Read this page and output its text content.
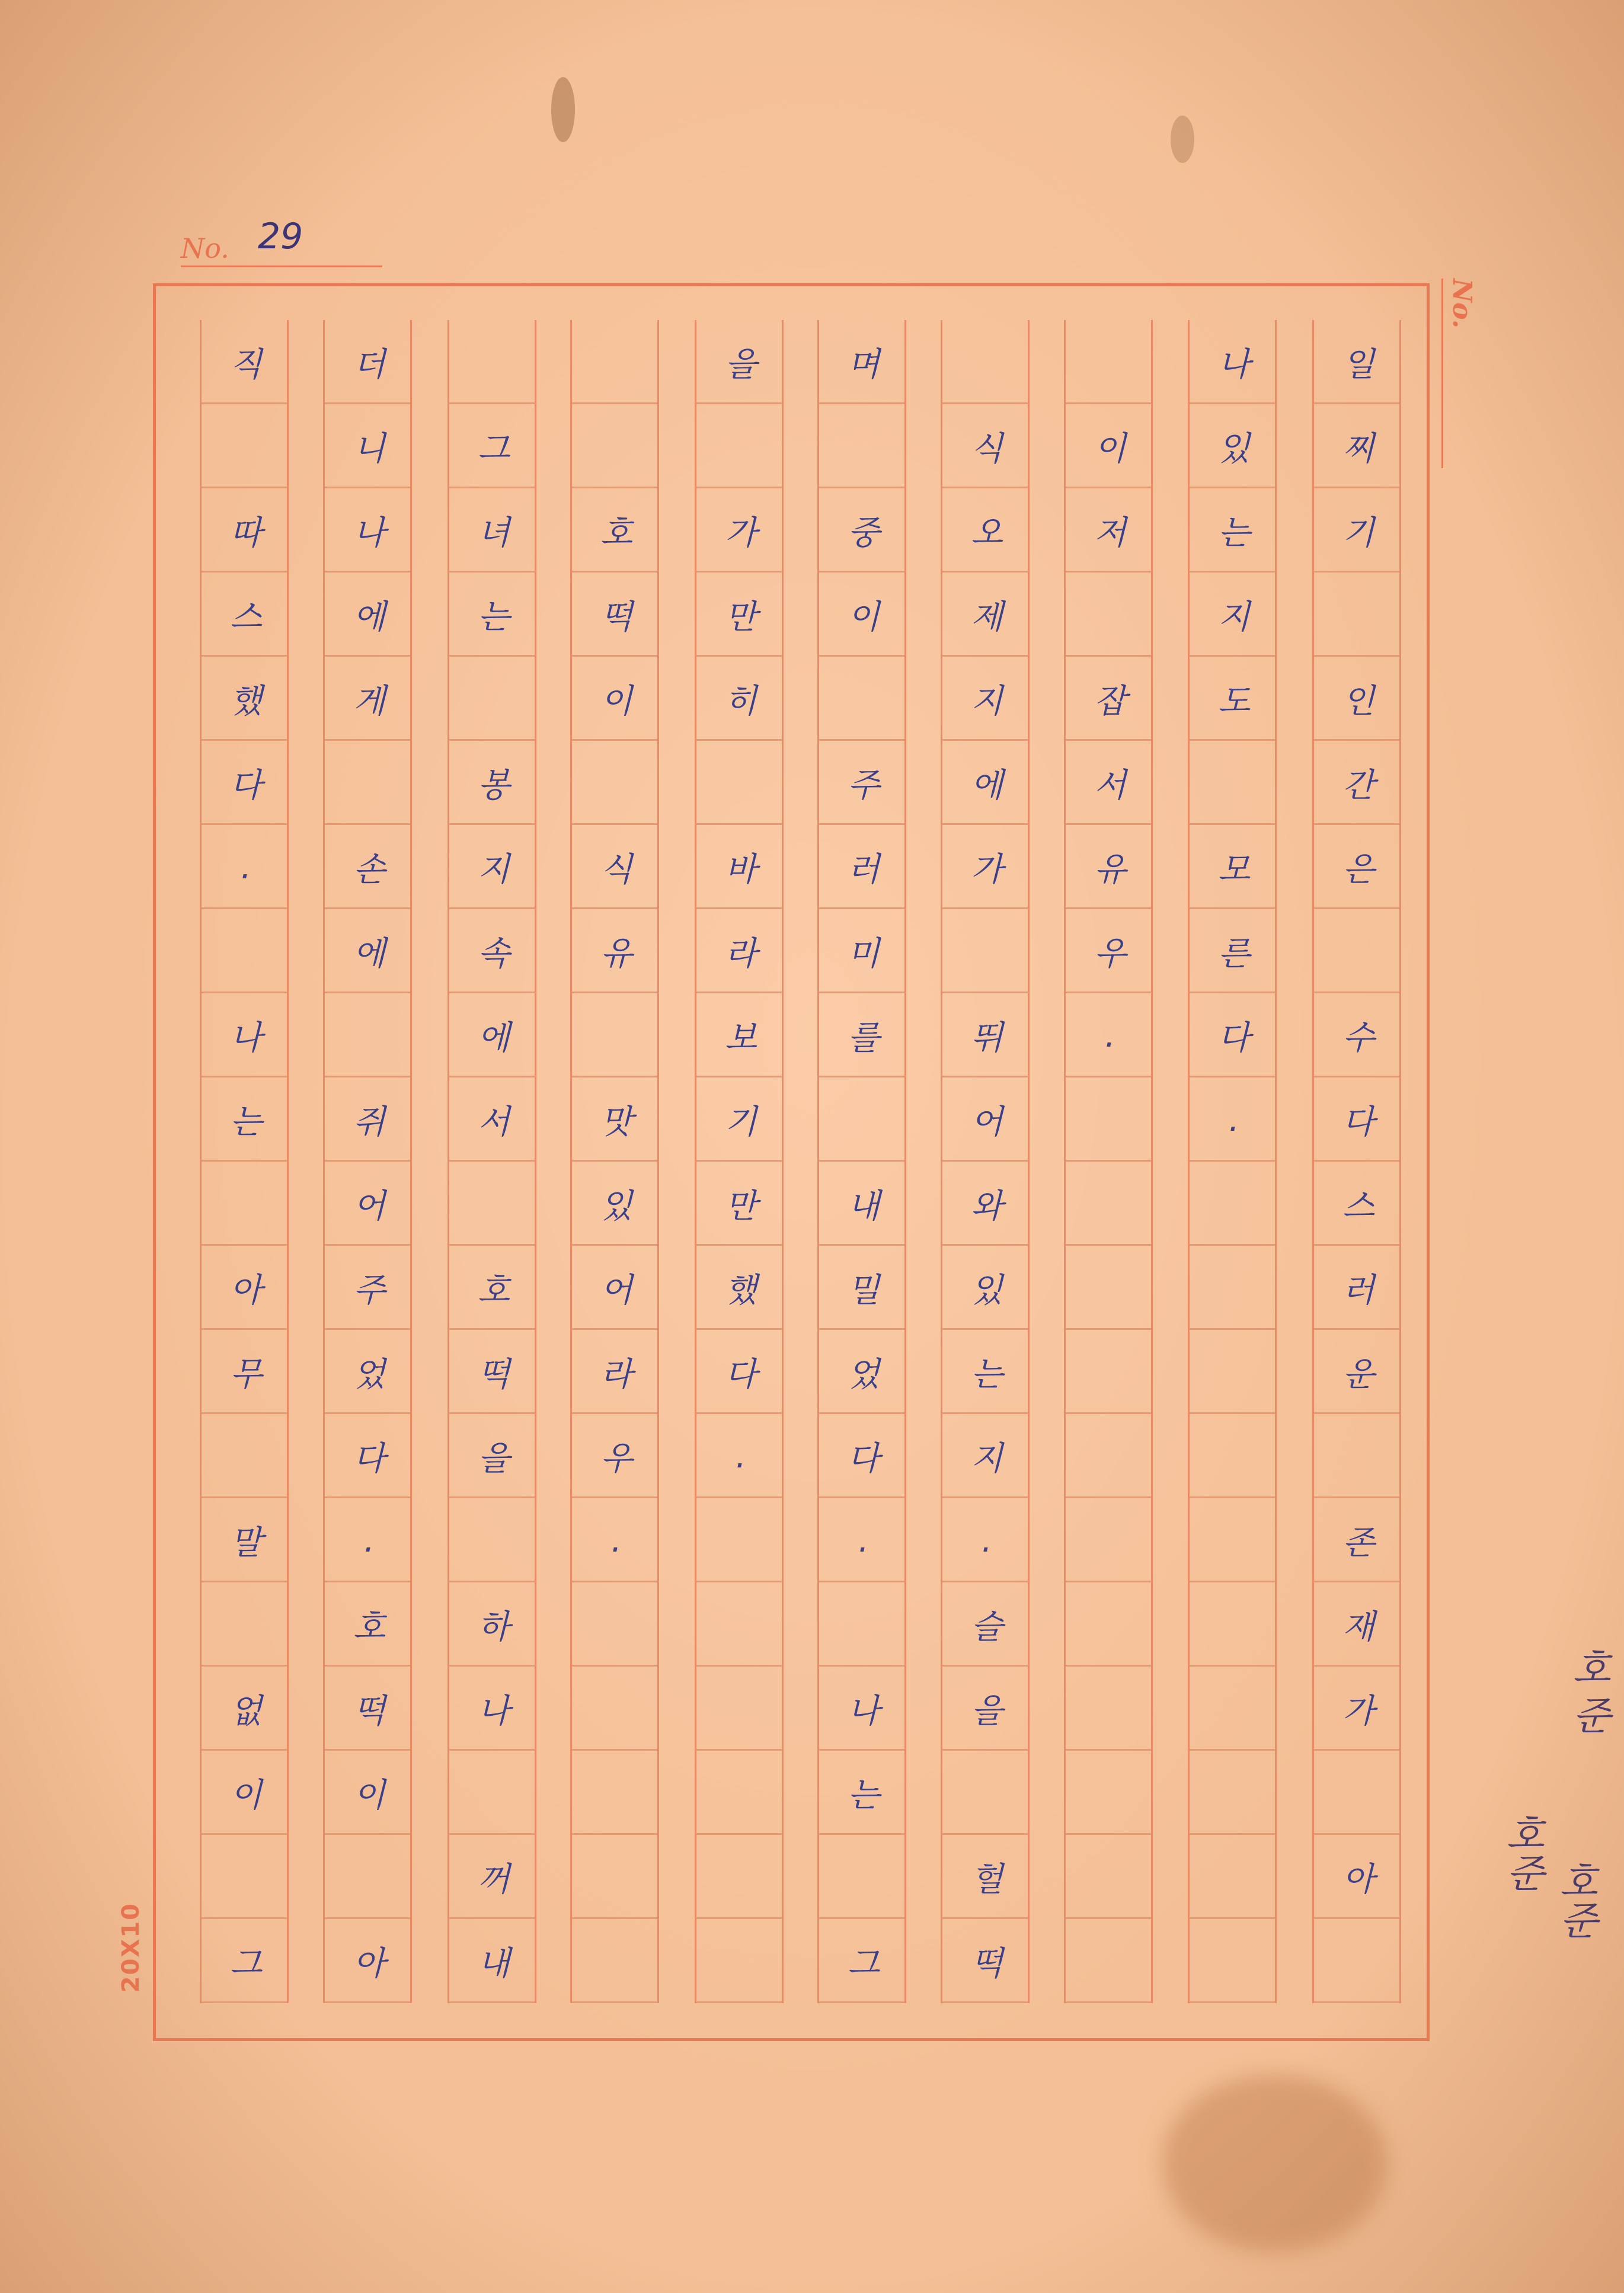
No. 29
No.
20X10
일
찌
기
인
간
은
수
다
스
러
운
존
재
가
아
나
있
는
지
도
모
른
다
.
이
저
잡
서
유
우
.
식
오
제
지
에
가
뛰
어
와
있
는
지
.
슬
을
헐
떡
며
중
이
주
러
미
를
내
밀
었
다
.
나
는
그
을
가
만
히
바
라
보
기
만
했
다
.
호
떡
이
식
유
맛
있
어
라
우
.
그
녀
는
봉
지
속
에
서
호
떡
을
하
나
꺼
내
더
니
나
에
게
손
에
쥐
어
주
었
다
.
호
떡
이
아
직
따
스
했
다
.
나
는
아
무
말
없
이
그
호
준
호준
호준
